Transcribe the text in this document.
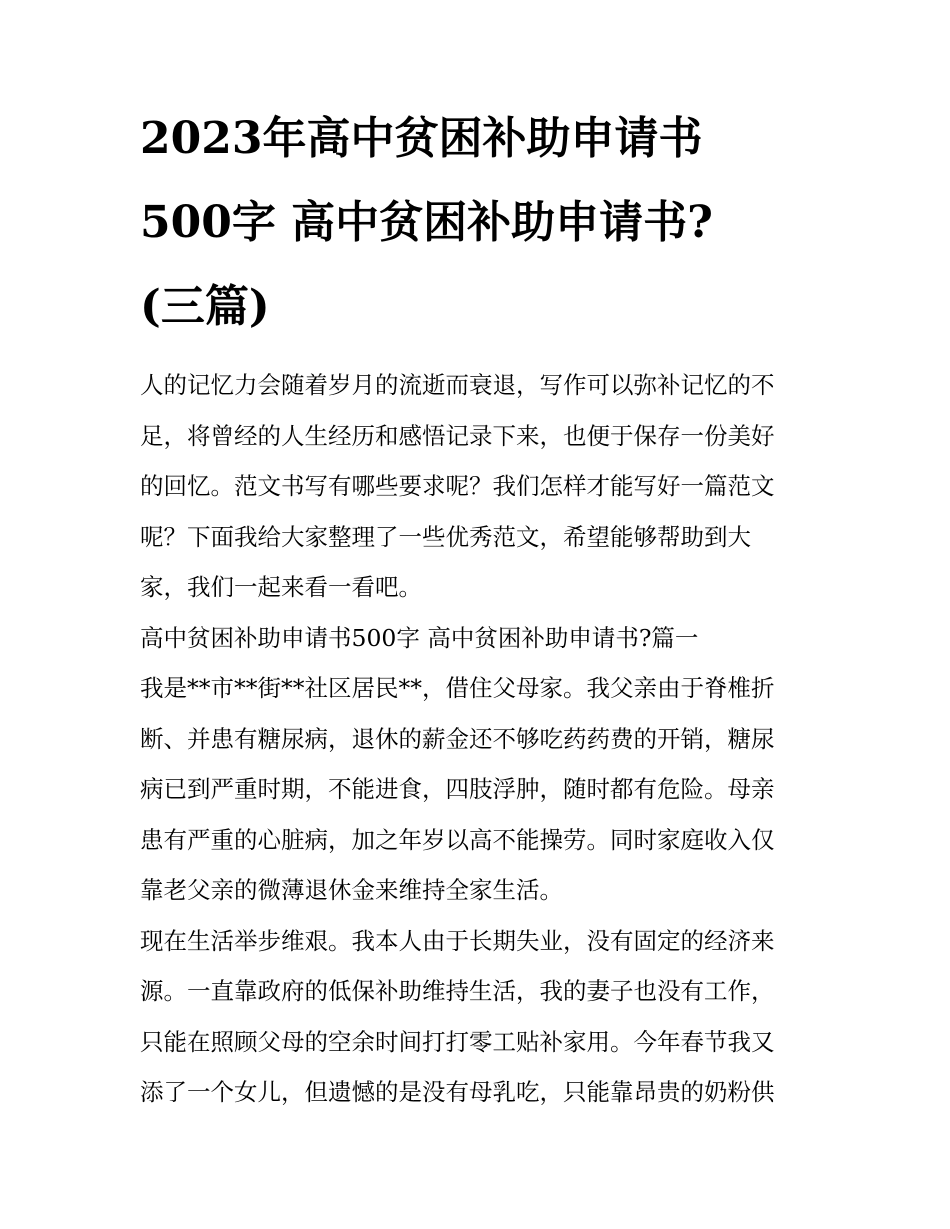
2023年高中贫困补助申请书
500字 高中贫困补助申请书?
(三篇)

人的记忆力会随着岁月的流逝而衰退，写作可以弥补记忆的不
足，将曾经的人生经历和感悟记录下来，也便于保存一份美好
的回忆。范文书写有哪些要求呢？我们怎样才能写好一篇范文
呢？下面我给大家整理了一些优秀范文，希望能够帮助到大
家，我们一起来看一看吧。

高中贫困补助申请书500字 高中贫困补助申请书?篇一

我是**市**街**社区居民**，借住父母家。我父亲由于脊椎折
断、并患有糖尿病，退休的薪金还不够吃药药费的开销，糖尿
病已到严重时期，不能进食，四肢浮肿，随时都有危险。母亲
患有严重的心脏病，加之年岁以高不能操劳。同时家庭收入仅
靠老父亲的微薄退休金来维持全家生活。

现在生活举步维艰。我本人由于长期失业，没有固定的经济来
源。一直靠政府的低保补助维持生活，我的妻子也没有工作，
只能在照顾父母的空余时间打打零工贴补家用。今年春节我又
添了一个女儿，但遗憾的是没有母乳吃，只能靠昂贵的奶粉供
